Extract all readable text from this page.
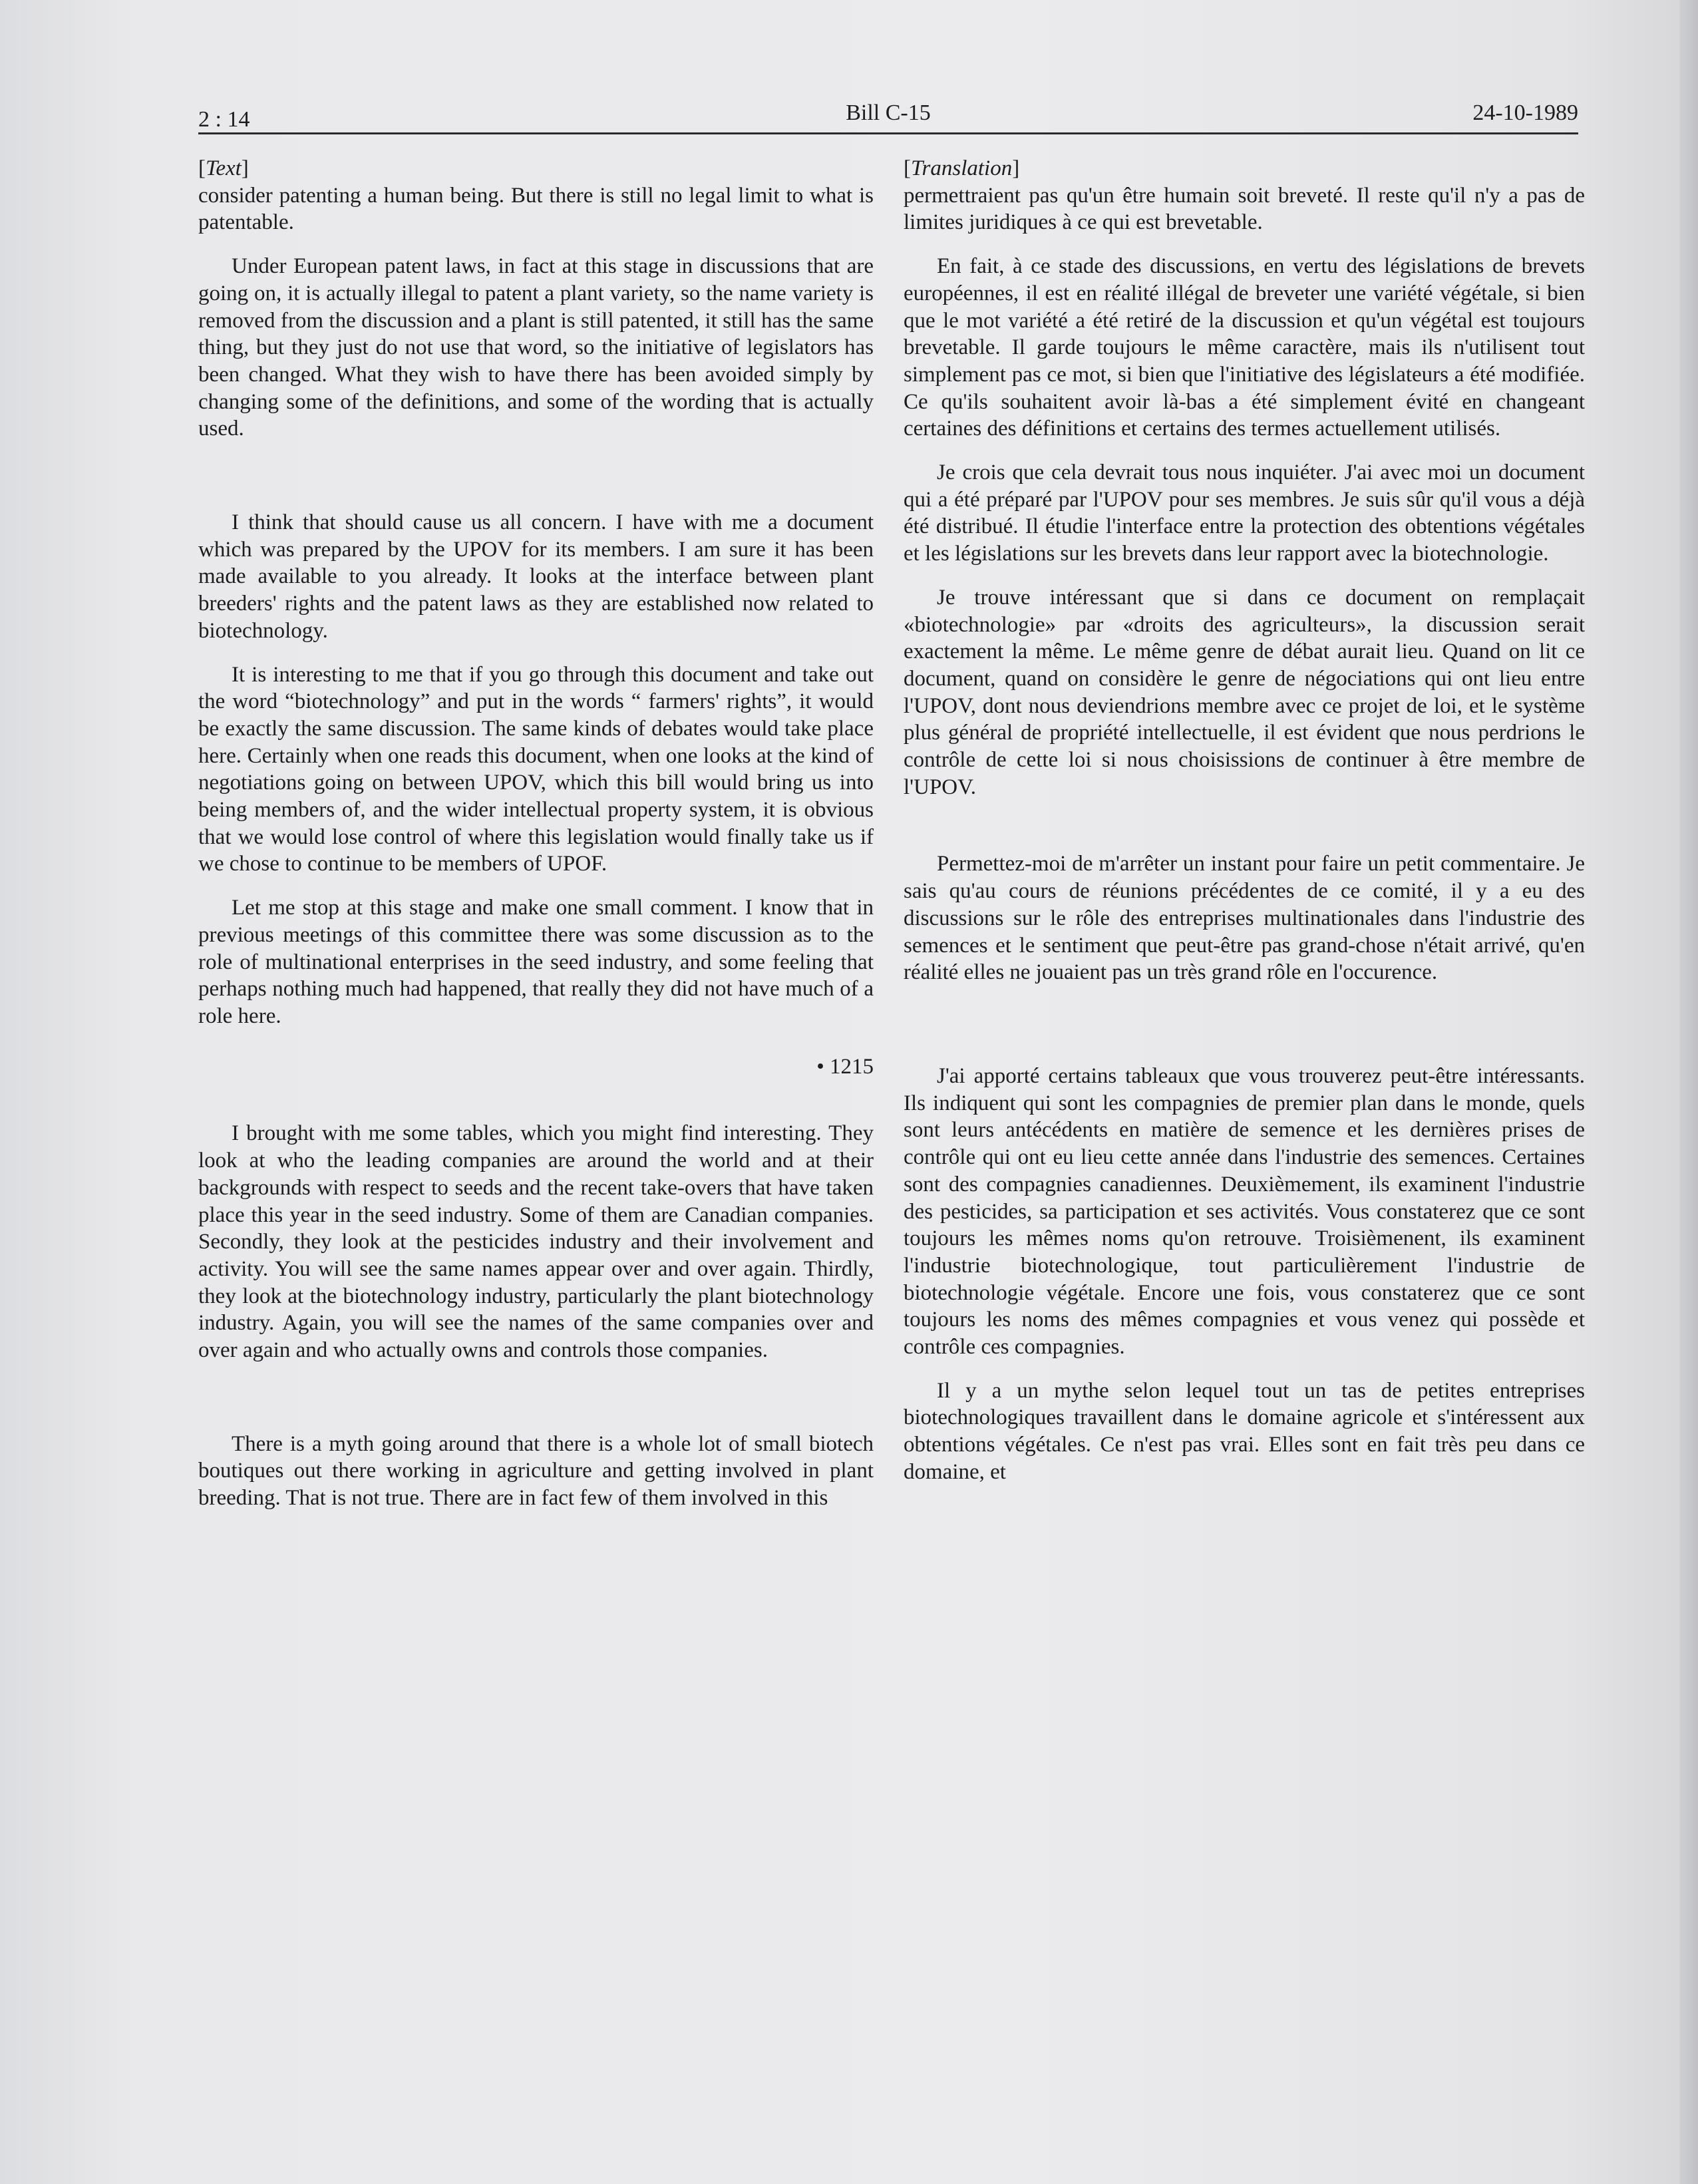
2 : 14	Bill C-15	24-10-1989
[Text]

consider patenting a human being. But there is still no legal limit to what is patentable.

Under European patent laws, in fact at this stage in discussions that are going on, it is actually illegal to patent a plant variety, so the name variety is removed from the discussion and a plant is still patented, it still has the same thing, but they just do not use that word, so the initiative of legislators has been changed. What they wish to have there has been avoided simply by changing some of the definitions, and some of the wording that is actually used.

I think that should cause us all concern. I have with me a document which was prepared by the UPOV for its members. I am sure it has been made available to you already. It looks at the interface between plant breeders' rights and the patent laws as they are established now related to biotechnology.

It is interesting to me that if you go through this document and take out the word “biotechnology” and put in the words “ farmers' rights”, it would be exactly the same discussion. The same kinds of debates would take place here. Certainly when one reads this document, when one looks at the kind of negotiations going on between UPOV, which this bill would bring us into being members of, and the wider intellectual property system, it is obvious that we would lose control of where this legislation would finally take us if we chose to continue to be members of UPOF.

Let me stop at this stage and make one small comment. I know that in previous meetings of this committee there was some discussion as to the role of multinational enterprises in the seed industry, and some feeling that perhaps nothing much had happened, that really they did not have much of a role here.

• 1215

I brought with me some tables, which you might find interesting. They look at who the leading companies are around the world and at their backgrounds with respect to seeds and the recent take-overs that have taken place this year in the seed industry. Some of them are Canadian companies. Secondly, they look at the pesticides industry and their involvement and activity. You will see the same names appear over and over again. Thirdly, they look at the biotechnology industry, particularly the plant biotechnology industry. Again, you will see the names of the same companies over and over again and who actually owns and controls those companies.

There is a myth going around that there is a whole lot of small biotech boutiques out there working in agriculture and getting involved in plant breeding. That is not true. There are in fact few of them involved in this

[Translation]

permettraient pas qu'un être humain soit breveté. Il reste qu'il n'y a pas de limites juridiques à ce qui est brevetable.

En fait, à ce stade des discussions, en vertu des législations de brevets européennes, il est en réalité illégal de breveter une variété végétale, si bien que le mot variété a été retiré de la discussion et qu'un végétal est toujours brevetable. Il garde toujours le même caractère, mais ils n'utilisent tout simplement pas ce mot, si bien que l'initiative des législateurs a été modifiée. Ce qu'ils souhaitent avoir là-bas a été simplement évité en changeant certaines des définitions et certains des termes actuellement utilisés.

Je crois que cela devrait tous nous inquiéter. J'ai avec moi un document qui a été préparé par l'UPOV pour ses membres. Je suis sûr qu'il vous a déjà été distribué. Il étudie l'interface entre la protection des obtentions végétales et les législations sur les brevets dans leur rapport avec la biotechnologie.

Je trouve intéressant que si dans ce document on remplaçait «biotechnologie» par «droits des agriculteurs», la discussion serait exactement la même. Le même genre de débat aurait lieu. Quand on lit ce document, quand on considère le genre de négociations qui ont lieu entre l'UPOV, dont nous deviendrions membre avec ce projet de loi, et le système plus général de propriété intellectuelle, il est évident que nous perdrions le contrôle de cette loi si nous choisissions de continuer à être membre de l'UPOV.

Permettez-moi de m'arrêter un instant pour faire un petit commentaire. Je sais qu'au cours de réunions précédentes de ce comité, il y a eu des discussions sur le rôle des entreprises multinationales dans l'industrie des semences et le sentiment que peut-être pas grand-chose n'était arrivé, qu'en réalité elles ne jouaient pas un très grand rôle en l'occurence.

J'ai apporté certains tableaux que vous trouverez peut-être intéressants. Ils indiquent qui sont les compagnies de premier plan dans le monde, quels sont leurs antécédents en matière de semence et les dernières prises de contrôle qui ont eu lieu cette année dans l'industrie des semences. Certaines sont des compagnies canadiennes. Deuxièmement, ils examinent l'industrie des pesticides, sa participation et ses activités. Vous constaterez que ce sont toujours les mêmes noms qu'on retrouve. Troisièmenent, ils examinent l'industrie biotechnologique, tout particulièrement l'industrie de biotechnologie végétale. Encore une fois, vous constaterez que ce sont toujours les noms des mêmes compagnies et vous venez qui possède et contrôle ces compagnies.

Il y a un mythe selon lequel tout un tas de petites entreprises biotechnologiques travaillent dans le domaine agricole et s'intéressent aux obtentions végétales. Ce n'est pas vrai. Elles sont en fait très peu dans ce domaine, et
